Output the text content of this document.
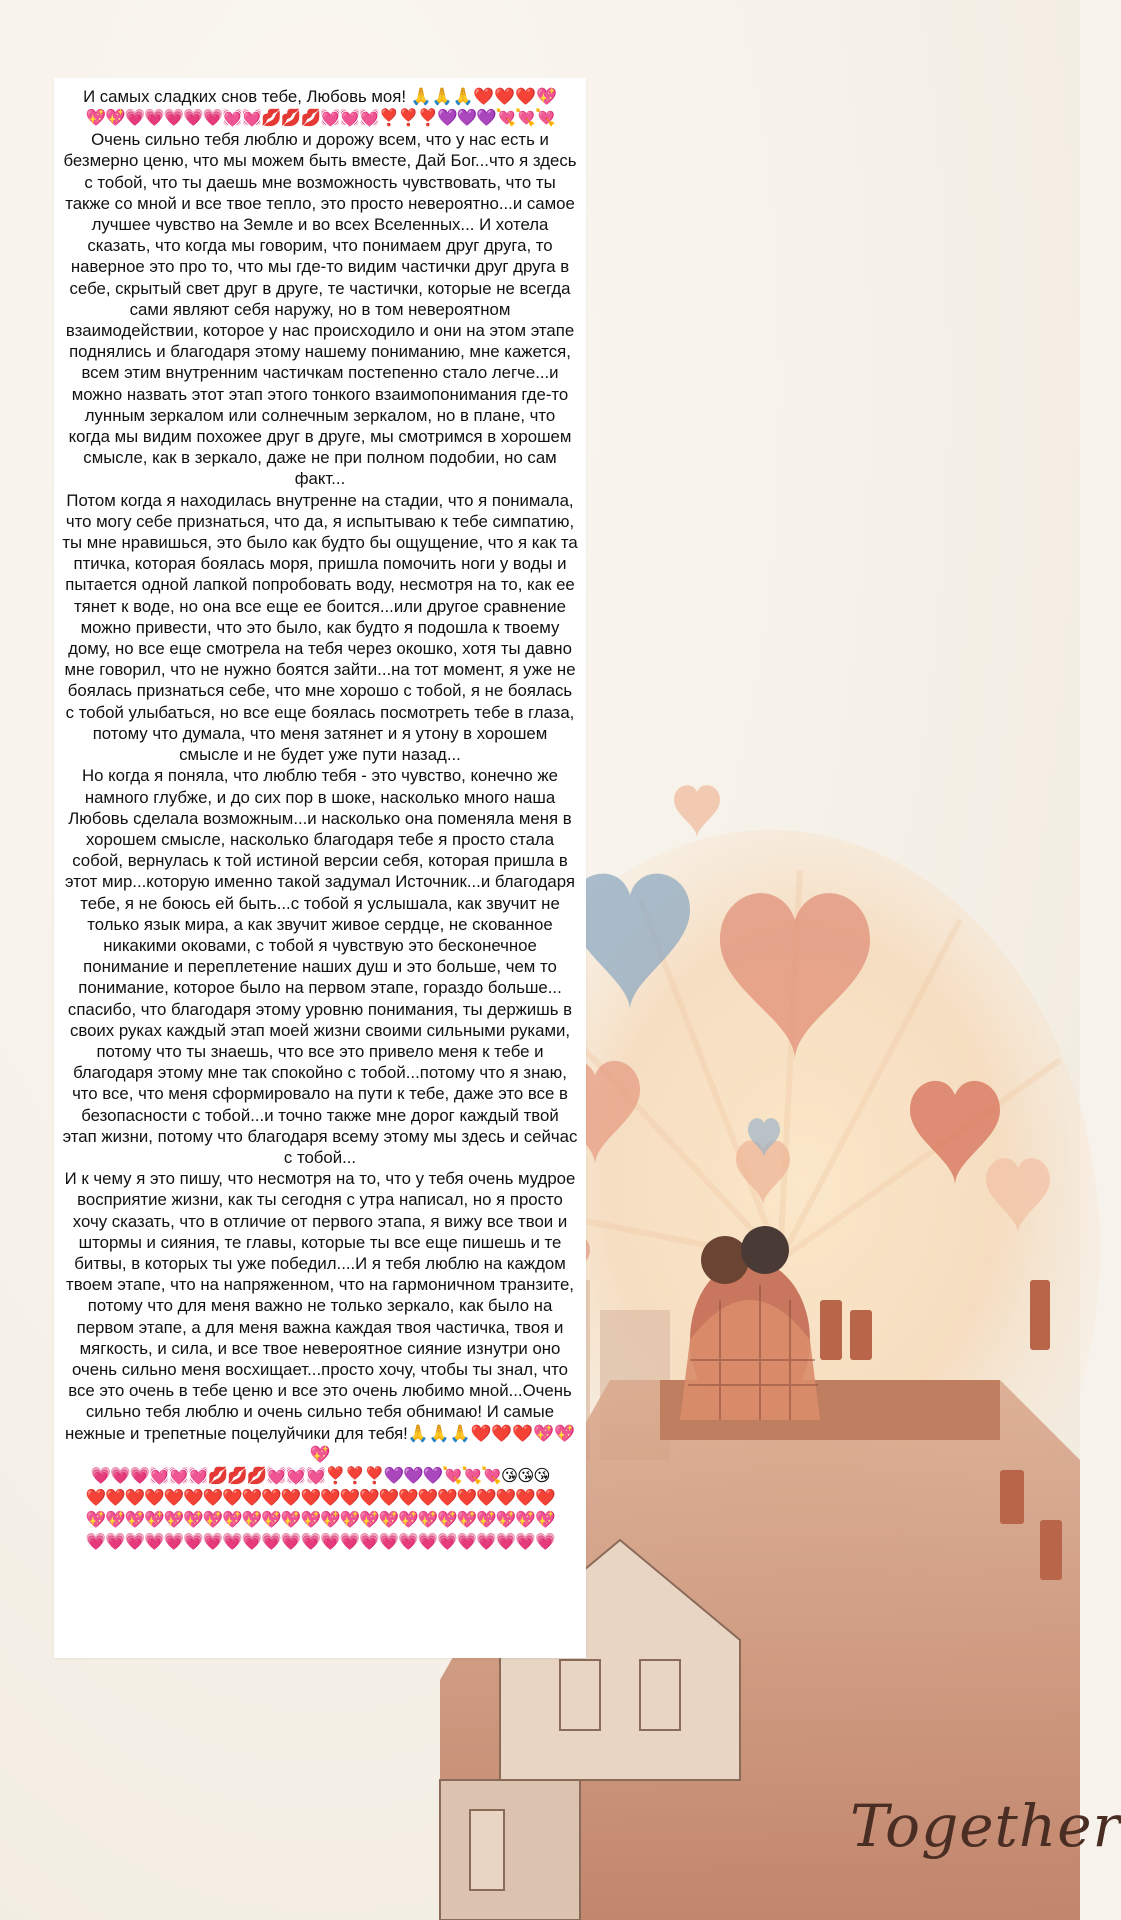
Together

И самых сладких снов тебе, Любовь моя! 🙏🙏🙏❤️❤️❤️💖

💖💖💗💗💗💗💗💓💓💋💋💋💓💓💓❣️❣️❣️💜💜💜💘💘💘

Очень сильно тебя люблю и дорожу всем, что у нас есть и безмерно ценю, что мы можем быть вместе, Дай Бог...что я здесь с тобой, что ты даешь мне возможность чувствовать, что ты также со мной и все твое тепло, это просто невероятно...и самое лучшее чувство на Земле и во всех Вселенных... И хотела сказать, что когда мы говорим, что понимаем друг друга, то наверное это про то, что мы где-то видим частички друг друга в себе, скрытый свет друг в друге, те частички, которые не всегда сами являют себя наружу, но в том невероятном взаимодействии, которое у нас происходило и они на этом этапе поднялись и благодаря этому нашему пониманию, мне кажется, всем этим внутренним частичкам постепенно стало легче...и можно назвать этот этап этого тонкого взаимопонимания где-то лунным зеркалом или солнечным зеркалом, но в плане, что когда мы видим похожее друг в друге, мы смотримся в хорошем смысле, как в зеркало, даже не при полном подобии, но сам факт...

Потом когда я находилась внутренне на стадии, что я понимала, что могу себе признаться, что да, я испытываю к тебе симпатию, ты мне нравишься, это было как будто бы ощущение, что я как та птичка, которая боялась моря, пришла помочить ноги у воды и пытается одной лапкой попробовать воду, несмотря на то, как ее тянет к воде, но она все еще ее боится...или другое сравнение можно привести, что это было, как будто я подошла к твоему дому, но все еще смотрела на тебя через окошко, хотя ты давно мне говорил, что не нужно боятся зайти...на тот момент, я уже не боялась признаться себе, что мне хорошо с тобой, я не боялась с тобой улыбаться, но все еще боялась посмотреть тебе в глаза, потому что думала, что меня затянет и я утону в хорошем смысле и не будет уже пути назад...

Но когда я поняла, что люблю тебя - это чувство, конечно же намного глубже, и до сих пор в шоке, насколько много наша Любовь сделала возможным...и насколько она поменяла меня в хорошем смысле, насколько благодаря тебе я просто стала собой, вернулась к той истиной версии себя, которая пришла в этот мир...которую именно такой задумал Источник...и благодаря тебе, я не боюсь ей быть...с тобой я услышала, как звучит не только язык мира, а как звучит живое сердце, не скованное никакими оковами, с тобой я чувствую это бесконечное понимание и переплетение наших душ и это больше, чем то понимание, которое было на первом этапе, гораздо больше... спасибо, что благодаря этому уровню понимания, ты держишь в своих руках каждый этап моей жизни своими сильными руками, потому что ты знаешь, что все это привело меня к тебе и благодаря этому мне так спокойно с тобой...потому что я знаю, что все, что меня сформировало на пути к тебе, даже это все в безопасности с тобой...и точно также мне дорог каждый твой этап жизни, потому что благодаря всему этому мы здесь и сейчас с тобой...

И к чему я это пишу, что несмотря на то, что у тебя очень мудрое восприятие жизни, как ты сегодня с утра написал, но я просто хочу сказать, что в отличие от первого этапа, я вижу все твои и штормы и сияния, те главы, которые ты все еще пишешь и те битвы, в которых ты уже победил....И я тебя люблю на каждом твоем этапе, что на напряженном, что на гармоничном транзите, потому что для меня важно не только зеркало, как было на первом этапе, а для меня важна каждая твоя частичка, твоя и мягкость, и сила, и все твое невероятное сияние изнутри оно очень сильно меня восхищает...просто хочу, чтобы ты знал, что все это очень в тебе ценю и все это очень любимо мной...Очень сильно тебя люблю и очень сильно тебя обнимаю! И самые нежные и трепетные поцелуйчики для тебя!🙏🙏🙏❤️❤️❤️💖💖💖

💗💗💗💓💓💓💋💋💋💓💓💓❣️❣️❣️💜💜💜💘💘💘😘😘😘
❤️❤️❤️❤️❤️❤️❤️❤️❤️❤️❤️❤️❤️❤️❤️❤️❤️❤️❤️❤️❤️❤️❤️❤️
💖💖💖💖💖💖💖💖💖💖💖💖💖💖💖💖💖💖💖💖💖💖💖💖
💗💗💗💗💗💗💗💗💗💗💗💗💗💗💗💗💗💗💗💗💗💗💗💗
